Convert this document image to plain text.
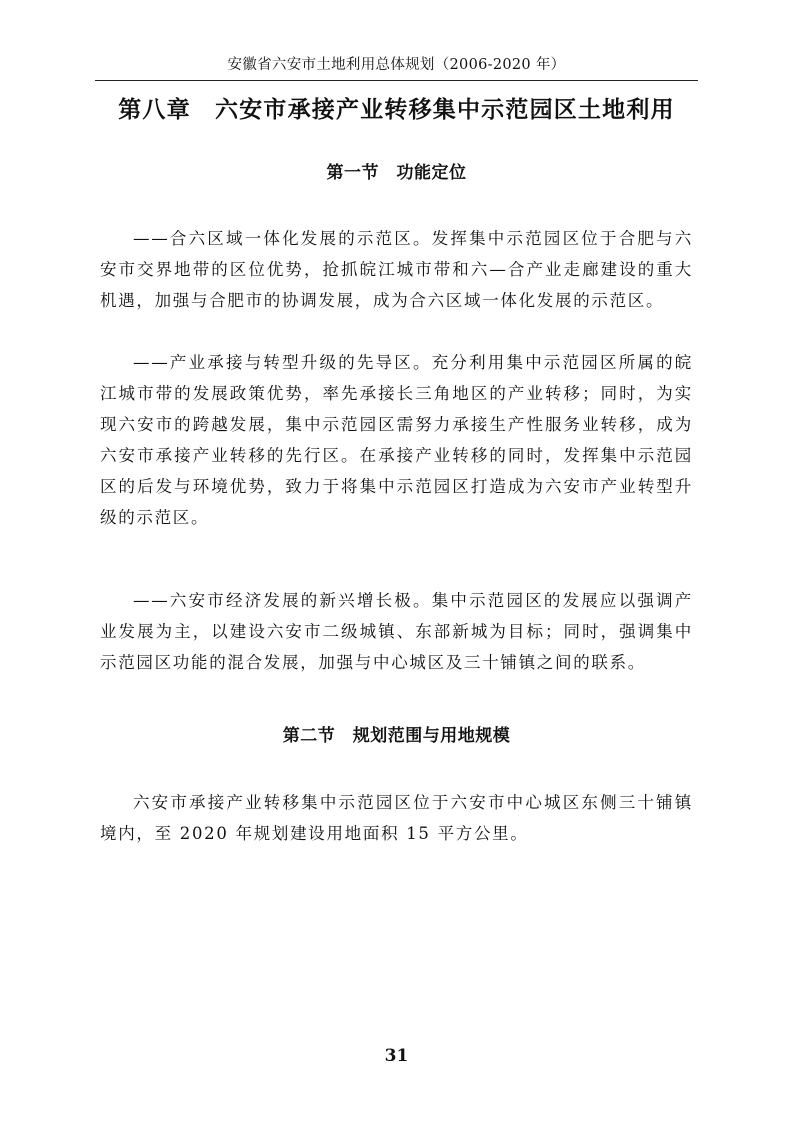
安徽省六安市土地利用总体规划（2006-2020 年）
第八章　六安市承接产业转移集中示范园区土地利用
第一节　功能定位

——合六区域一体化发展的示范区。发挥集中示范园区位于合肥与六安市交界地带的区位优势，抢抓皖江城市带和六—合产业走廊建设的重大机遇，加强与合肥市的协调发展，成为合六区域一体化发展的示范区。

——产业承接与转型升级的先导区。充分利用集中示范园区所属的皖江城市带的发展政策优势，率先承接长三角地区的产业转移；同时，为实现六安市的跨越发展，集中示范园区需努力承接生产性服务业转移，成为六安市承接产业转移的先行区。在承接产业转移的同时，发挥集中示范园区的后发与环境优势，致力于将集中示范园区打造成为六安市产业转型升级的示范区。

——六安市经济发展的新兴增长极。集中示范园区的发展应以强调产业发展为主，以建设六安市二级城镇、东部新城为目标；同时，强调集中示范园区功能的混合发展，加强与中心城区及三十铺镇之间的联系。

第二节　规划范围与用地规模

六安市承接产业转移集中示范园区位于六安市中心城区东侧三十铺镇境内，至 2020 年规划建设用地面积 15 平方公里。

31
